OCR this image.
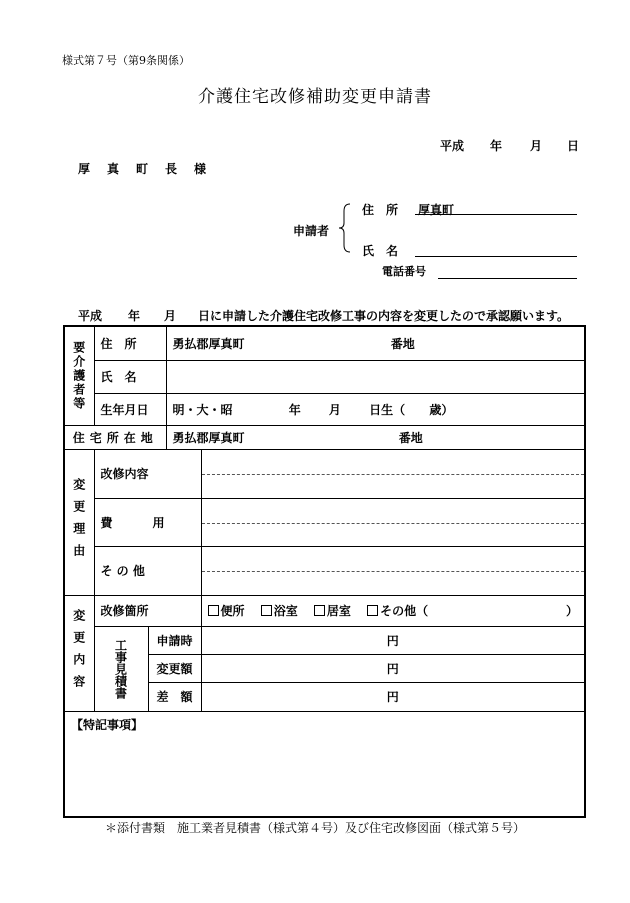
様式第７号（第9条関係）
介護住宅改修補助変更申請書
平成 年 月 日
厚真町長様
申請者
住　所 厚真町
氏　名
電話番号
平成 年 月 日に申請した介護住宅改修工事の内容を変更したので承認願います。
要介護者等	住　所		勇払郡厚真町 番地	
	氏　名			
	生年月日		明・大・昭 年 月 日生（ 歳）	
住宅所在地			勇払郡厚真町 番地	

変更理由	改修内容			

	費　用			

	そ の 他			

変更内容	改修箇所			便所 浴室 居室 その他（ ）

	工事見積書	申請時		円
		変更額		円
		差　額		円
【特記事項】				
＊添付書類　施工業者見積書（様式第４号）及び住宅改修図面（様式第５号）
